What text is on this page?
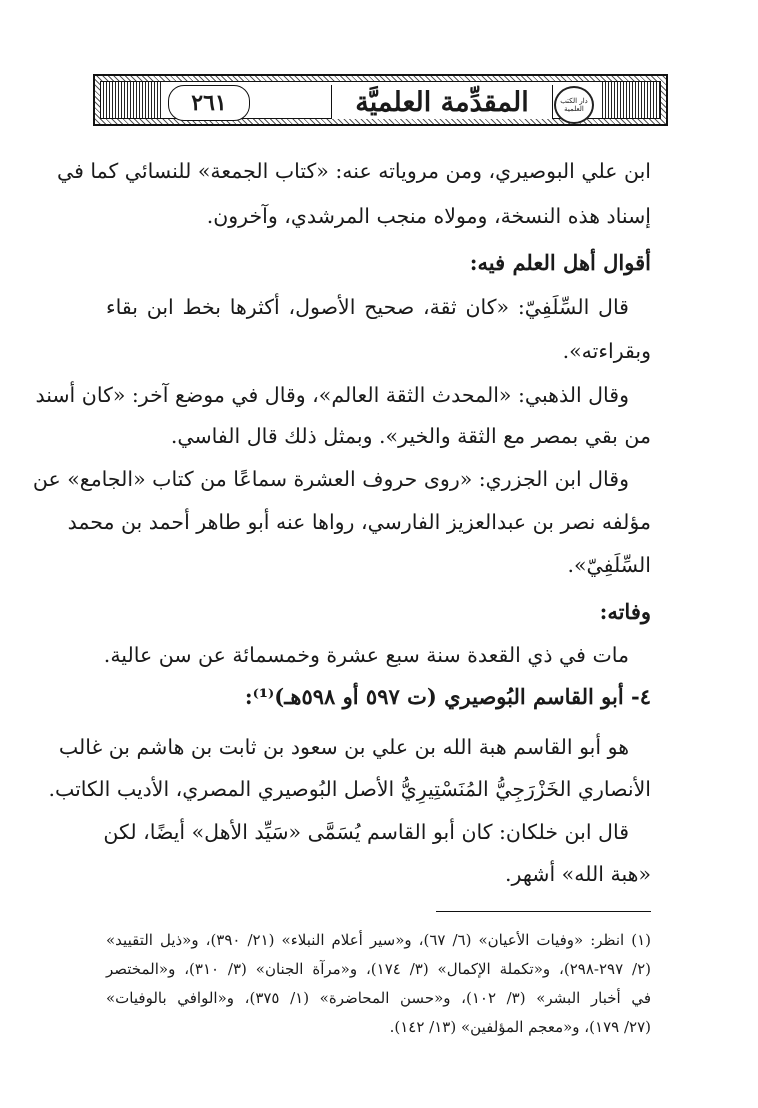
٢٦١	المقدِّمة العلميَّة	دار الكتب العلمية

ابن علي البوصيري، ومن مروياته عنه: «كتاب الجمعة» للنسائي كما في

إسناد هذه النسخة، ومولاه منجب المرشدي، وآخرون.

أقوال أهل العلم فيه:

قال السِّلَفِيّ: «كان ثقة، صحيح الأصول، أكثرها بخط ابن بقاء

وبقراءته».

وقال الذهبي: «المحدث الثقة العالم»، وقال في موضع آخر: «كان أسند

من بقي بمصر مع الثقة والخير». وبمثل ذلك قال الفاسي.

وقال ابن الجزري: «روى حروف العشرة سماعًا من كتاب «الجامع» عن

مؤلفه نصر بن عبدالعزيز الفارسي، رواها عنه أبو طاهر أحمد بن محمد

السِّلَفِيّ».

وفاته:

مات في ذي القعدة سنة سبع عشرة وخمسمائة عن سن عالية.

٤- أبو القاسم البُوصيري (ت ٥٩٧ أو ٥٩٨هـ)⁽¹⁾:

هو أبو القاسم هبة الله بن علي بن سعود بن ثابت بن هاشم بن غالب

الأنصاري الخَزْرَجِيُّ المُنَسْتِيرِيُّ الأصل البُوصيري المصري، الأديب الكاتب.

قال ابن خلكان: كان أبو القاسم يُسَمَّى «سَيِّد الأهل» أيضًا، لكن

«هبة الله» أشهر.

(١) انظر: «وفيات الأعيان» (٦/ ٦٧)، و«سير أعلام النبلاء» (٢١/ ٣٩٠)، و«ذيل التقييد»

(٢/ ٢٩٧-٢٩٨)، و«تكملة الإكمال» (٣/ ١٧٤)، و«مرآة الجنان» (٣/ ٣١٠)، و«المختصر

في أخبار البشر» (٣/ ١٠٢)، و«حسن المحاضرة» (١/ ٣٧٥)، و«الوافي بالوفيات»

(٢٧/ ١٧٩)، و«معجم المؤلفين» (١٣/ ١٤٢).
